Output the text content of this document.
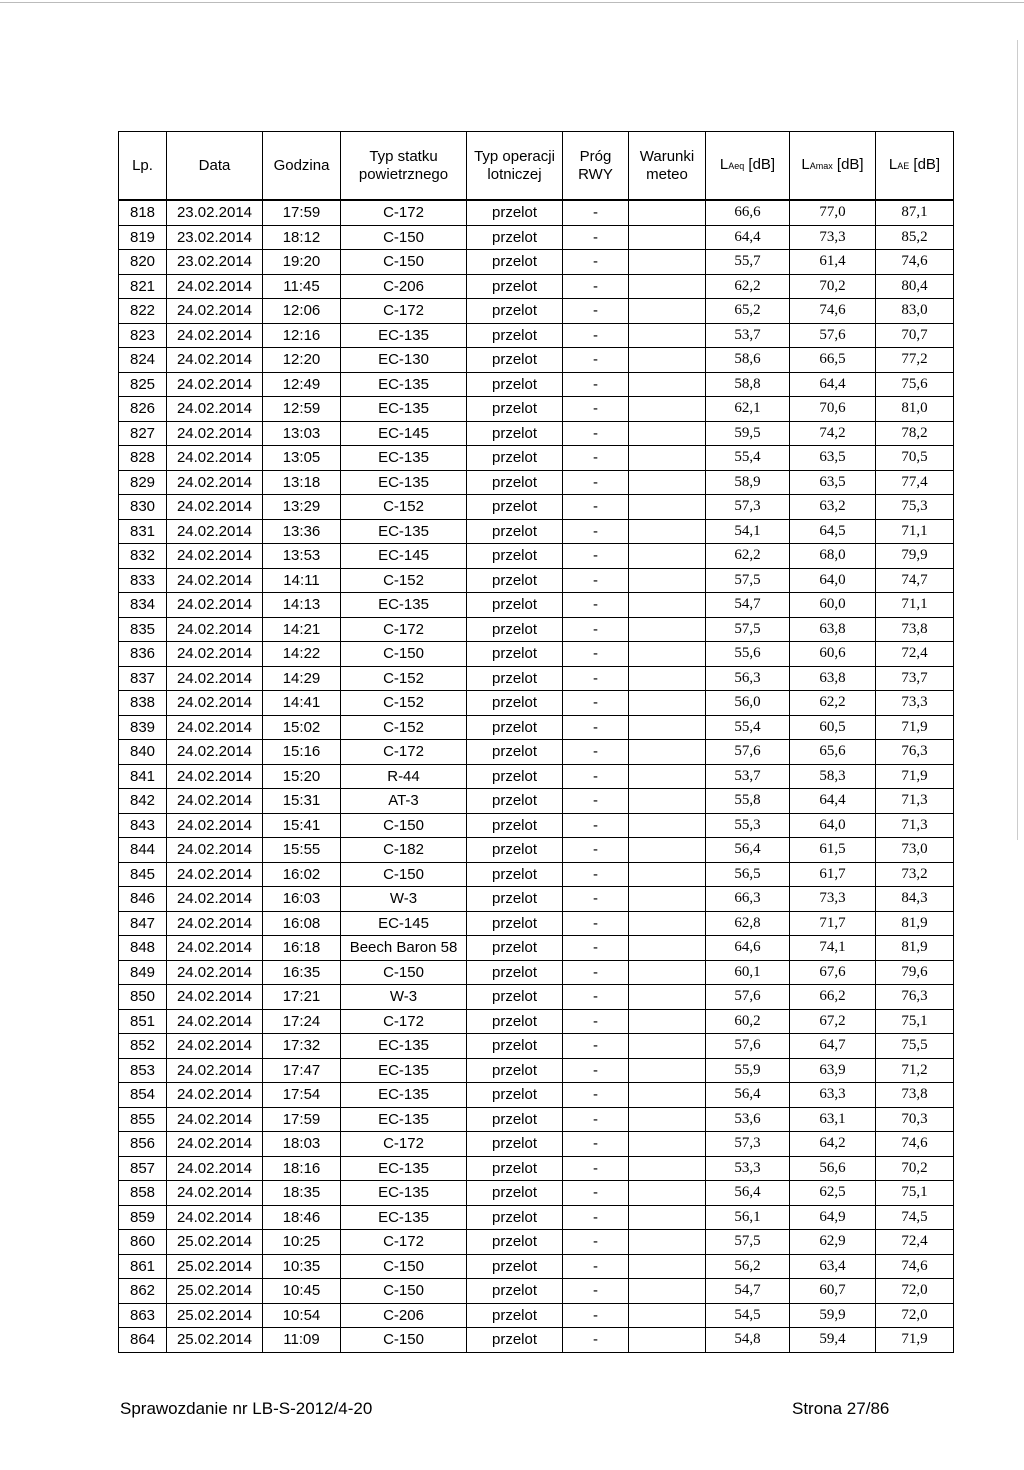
Lp.	Data	Godzina	Typ statku powietrznego	Typ operacji lotniczej	Próg RWY	Warunki meteo	LAeq [dB]	LAmax [dB]	LAE [dB]
818	23.02.2014	17:59	C-172	przelot	-		66,6	77,0	87,1
819	23.02.2014	18:12	C-150	przelot	-		64,4	73,3	85,2
820	23.02.2014	19:20	C-150	przelot	-		55,7	61,4	74,6
821	24.02.2014	11:45	C-206	przelot	-		62,2	70,2	80,4
822	24.02.2014	12:06	C-172	przelot	-		65,2	74,6	83,0
823	24.02.2014	12:16	EC-135	przelot	-		53,7	57,6	70,7
824	24.02.2014	12:20	EC-130	przelot	-		58,6	66,5	77,2
825	24.02.2014	12:49	EC-135	przelot	-		58,8	64,4	75,6
826	24.02.2014	12:59	EC-135	przelot	-		62,1	70,6	81,0
827	24.02.2014	13:03	EC-145	przelot	-		59,5	74,2	78,2
828	24.02.2014	13:05	EC-135	przelot	-		55,4	63,5	70,5
829	24.02.2014	13:18	EC-135	przelot	-		58,9	63,5	77,4
830	24.02.2014	13:29	C-152	przelot	-		57,3	63,2	75,3
831	24.02.2014	13:36	EC-135	przelot	-		54,1	64,5	71,1
832	24.02.2014	13:53	EC-145	przelot	-		62,2	68,0	79,9
833	24.02.2014	14:11	C-152	przelot	-		57,5	64,0	74,7
834	24.02.2014	14:13	EC-135	przelot	-		54,7	60,0	71,1
835	24.02.2014	14:21	C-172	przelot	-		57,5	63,8	73,8
836	24.02.2014	14:22	C-150	przelot	-		55,6	60,6	72,4
837	24.02.2014	14:29	C-152	przelot	-		56,3	63,8	73,7
838	24.02.2014	14:41	C-152	przelot	-		56,0	62,2	73,3
839	24.02.2014	15:02	C-152	przelot	-		55,4	60,5	71,9
840	24.02.2014	15:16	C-172	przelot	-		57,6	65,6	76,3
841	24.02.2014	15:20	R-44	przelot	-		53,7	58,3	71,9
842	24.02.2014	15:31	AT-3	przelot	-		55,8	64,4	71,3
843	24.02.2014	15:41	C-150	przelot	-		55,3	64,0	71,3
844	24.02.2014	15:55	C-182	przelot	-		56,4	61,5	73,0
845	24.02.2014	16:02	C-150	przelot	-		56,5	61,7	73,2
846	24.02.2014	16:03	W-3	przelot	-		66,3	73,3	84,3
847	24.02.2014	16:08	EC-145	przelot	-		62,8	71,7	81,9
848	24.02.2014	16:18	Beech Baron 58	przelot	-		64,6	74,1	81,9
849	24.02.2014	16:35	C-150	przelot	-		60,1	67,6	79,6
850	24.02.2014	17:21	W-3	przelot	-		57,6	66,2	76,3
851	24.02.2014	17:24	C-172	przelot	-		60,2	67,2	75,1
852	24.02.2014	17:32	EC-135	przelot	-		57,6	64,7	75,5
853	24.02.2014	17:47	EC-135	przelot	-		55,9	63,9	71,2
854	24.02.2014	17:54	EC-135	przelot	-		56,4	63,3	73,8
855	24.02.2014	17:59	EC-135	przelot	-		53,6	63,1	70,3
856	24.02.2014	18:03	C-172	przelot	-		57,3	64,2	74,6
857	24.02.2014	18:16	EC-135	przelot	-		53,3	56,6	70,2
858	24.02.2014	18:35	EC-135	przelot	-		56,4	62,5	75,1
859	24.02.2014	18:46	EC-135	przelot	-		56,1	64,9	74,5
860	25.02.2014	10:25	C-172	przelot	-		57,5	62,9	72,4
861	25.02.2014	10:35	C-150	przelot	-		56,2	63,4	74,6
862	25.02.2014	10:45	C-150	przelot	-		54,7	60,7	72,0
863	25.02.2014	10:54	C-206	przelot	-		54,5	59,9	72,0
864	25.02.2014	11:09	C-150	przelot	-		54,8	59,4	71,9
Sprawozdanie nr LB-S-2012/4-20	Strona 27/86
